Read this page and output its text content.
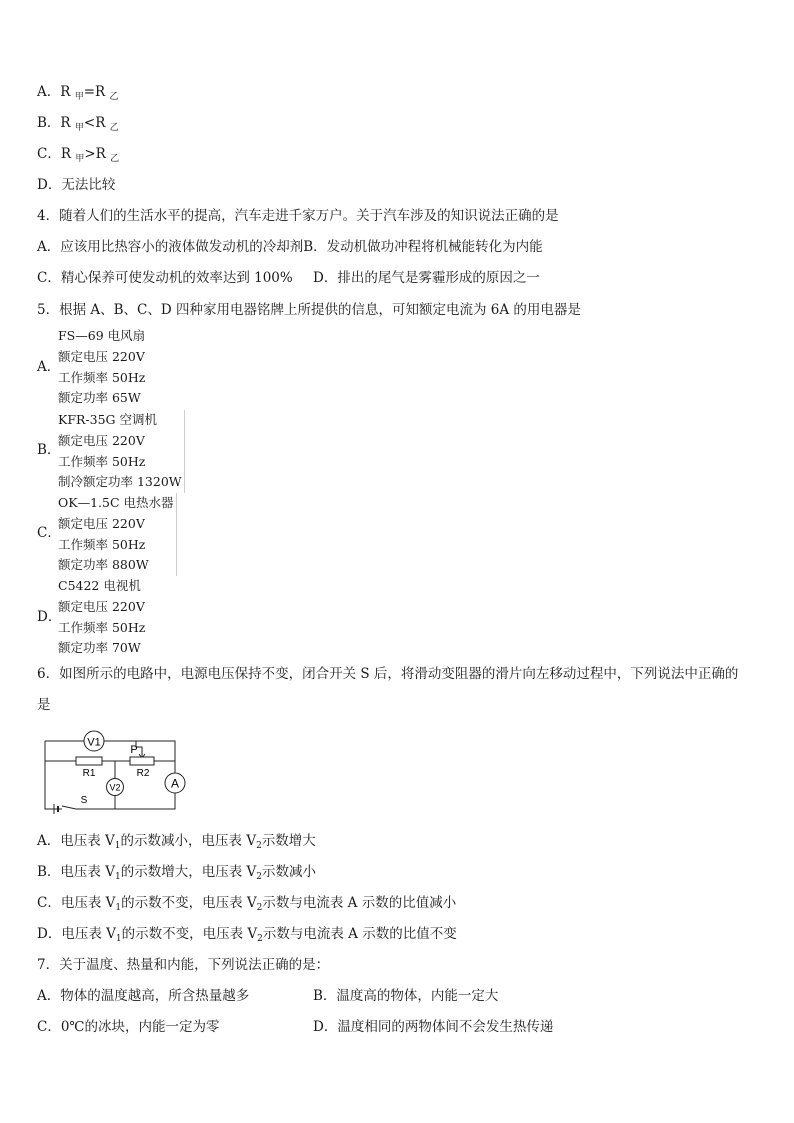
A．R $_甲$=R $_乙$
B．R $_甲$<R $_乙$
C．R $_甲$>R $_乙$
D．无法比较
4．随着人们的生活水平的提高，汽车走进千家万户。关于汽车涉及的知识说法正确的是
A．应该用比热容小的液体做发动机的冷却剂B．发动机做功冲程将机械能转化为内能
C．精心保养可使发动机的效率达到 100% D．排出的尾气是雾霾形成的原因之一
5．根据 A、B、C、D 四种家用电器铭牌上所提供的信息，可知额定电流为 6A 的用电器是
A．
FS—69 电风扇
额定电压 220V
工作频率 50Hz
额定功率 65W
B．
KFR-35G 空调机
额定电压 220V
工作频率 50Hz
制冷额定功率 1320W
C．
OK—1.5C 电热水器
额定电压 220V
工作频率 50Hz
额定功率 880W
D．
C5422 电视机
额定电压 220V
工作频率 50Hz
额定功率 70W
6．如图所示的电路中，电源电压保持不变，闭合开关 S 后，将滑动变阻器的滑片向左移动过程中，下列说法中正确的
是
V1
V2	A
R1	R2
P
S
A．电压表 $V_1$的示数减小，电压表 $V_2$示数增大
B．电压表 $V_1$的示数增大，电压表 $V_2$示数减小
C．电压表 $V_1$的示数不变，电压表 $V_2$示数与电流表 A 示数的比值减小
D．电压表 $V_1$的示数不变，电压表 $V_2$示数与电流表 A 示数的比值不变
7．关于温度、热量和内能，下列说法正确的是：
A．物体的温度越高，所含热量越多	B．温度高的物体，内能一定大
C．0℃的冰块，内能一定为零	D．温度相同的两物体间不会发生热传递
